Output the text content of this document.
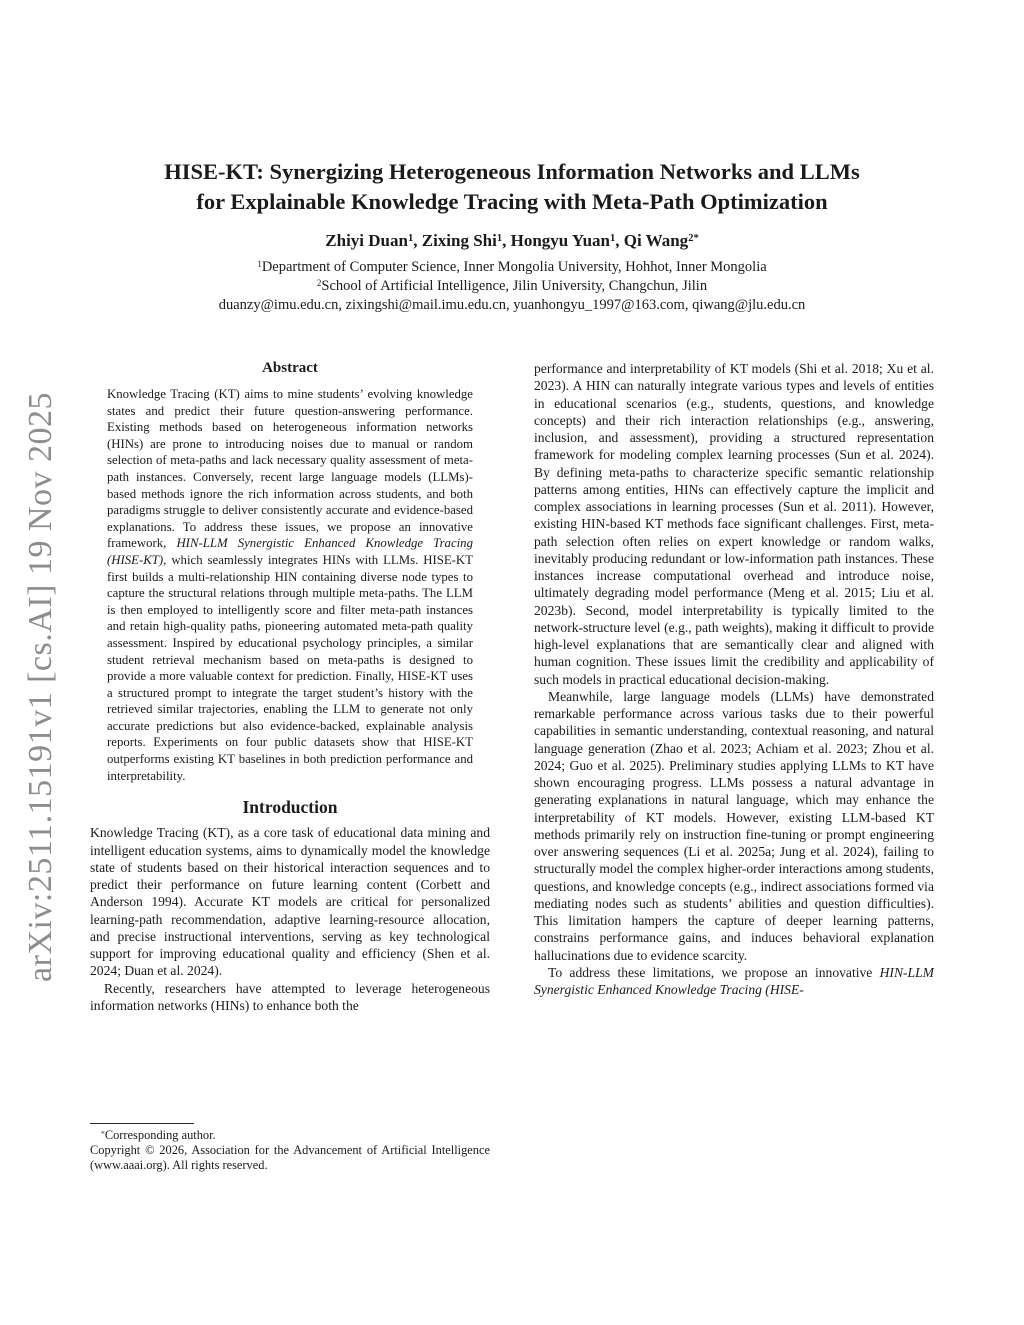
arXiv:2511.15191v1 [cs.AI] 19 Nov 2025
HISE-KT: Synergizing Heterogeneous Information Networks and LLMs
for Explainable Knowledge Tracing with Meta-Path Optimization
Zhiyi Duan$^1$, Zixing Shi$^1$, Hongyu Yuan$^1$, Qi Wang$^{2*}$
$^1$Department of Computer Science, Inner Mongolia University, Hohhot, Inner Mongolia
$^2$School of Artificial Intelligence, Jilin University, Changchun, Jilin
duanzy@imu.edu.cn, zixingshi@mail.imu.edu.cn, yuanhongyu_1997@163.com, qiwang@jlu.edu.cn
Abstract

Knowledge Tracing (KT) aims to mine students’ evolving knowledge states and predict their future question-answering performance. Existing methods based on heterogeneous information networks (HINs) are prone to introducing noises due to manual or random selection of meta-paths and lack necessary quality assessment of meta-path instances. Conversely, recent large language models (LLMs)-based methods ignore the rich information across students, and both paradigms struggle to deliver consistently accurate and evidence-based explanations. To address these issues, we propose an innovative framework, HIN-LLM Synergistic Enhanced Knowledge Tracing (HISE-KT), which seamlessly integrates HINs with LLMs. HISE-KT first builds a multi-relationship HIN containing diverse node types to capture the structural relations through multiple meta-paths. The LLM is then employed to intelligently score and filter meta-path instances and retain high-quality paths, pioneering automated meta-path quality assessment. Inspired by educational psychology principles, a similar student retrieval mechanism based on meta-paths is designed to provide a more valuable context for prediction. Finally, HISE-KT uses a structured prompt to integrate the target student’s history with the retrieved similar trajectories, enabling the LLM to generate not only accurate predictions but also evidence-backed, explainable analysis reports. Experiments on four public datasets show that HISE-KT outperforms existing KT baselines in both prediction performance and interpretability.

Introduction

Knowledge Tracing (KT), as a core task of educational data mining and intelligent education systems, aims to dynamically model the knowledge state of students based on their historical interaction sequences and to predict their performance on future learning content (Corbett and Anderson 1994). Accurate KT models are critical for personalized learning-path recommendation, adaptive learning-resource allocation, and precise instructional interventions, serving as key technological support for improving educational quality and efficiency (Shen et al. 2024; Duan et al. 2024).

Recently, researchers have attempted to leverage heterogeneous information networks (HINs) to enhance both the

performance and interpretability of KT models (Shi et al. 2018; Xu et al. 2023). A HIN can naturally integrate various types and levels of entities in educational scenarios (e.g., students, questions, and knowledge concepts) and their rich interaction relationships (e.g., answering, inclusion, and assessment), providing a structured representation framework for modeling complex learning processes (Sun et al. 2024). By defining meta-paths to characterize specific semantic relationship patterns among entities, HINs can effectively capture the implicit and complex associations in learning processes (Sun et al. 2011). However, existing HIN-based KT methods face significant challenges. First, meta-path selection often relies on expert knowledge or random walks, inevitably producing redundant or low-information path instances. These instances increase computational overhead and introduce noise, ultimately degrading model performance (Meng et al. 2015; Liu et al. 2023b). Second, model interpretability is typically limited to the network-structure level (e.g., path weights), making it difficult to provide high-level explanations that are semantically clear and aligned with human cognition. These issues limit the credibility and applicability of such models in practical educational decision-making.

Meanwhile, large language models (LLMs) have demonstrated remarkable performance across various tasks due to their powerful capabilities in semantic understanding, contextual reasoning, and natural language generation (Zhao et al. 2023; Achiam et al. 2023; Zhou et al. 2024; Guo et al. 2025). Preliminary studies applying LLMs to KT have shown encouraging progress. LLMs possess a natural advantage in generating explanations in natural language, which may enhance the interpretability of KT models. However, existing LLM-based KT methods primarily rely on instruction fine-tuning or prompt engineering over answering sequences (Li et al. 2025a; Jung et al. 2024), failing to structurally model the complex higher-order interactions among students, questions, and knowledge concepts (e.g., indirect associations formed via mediating nodes such as students’ abilities and question difficulties). This limitation hampers the capture of deeper learning patterns, constrains performance gains, and induces behavioral explanation hallucinations due to evidence scarcity.

To address these limitations, we propose an innovative HIN-LLM Synergistic Enhanced Knowledge Tracing (HISE-

*Corresponding author.

Copyright © 2026, Association for the Advancement of Artificial Intelligence (www.aaai.org). All rights reserved.
